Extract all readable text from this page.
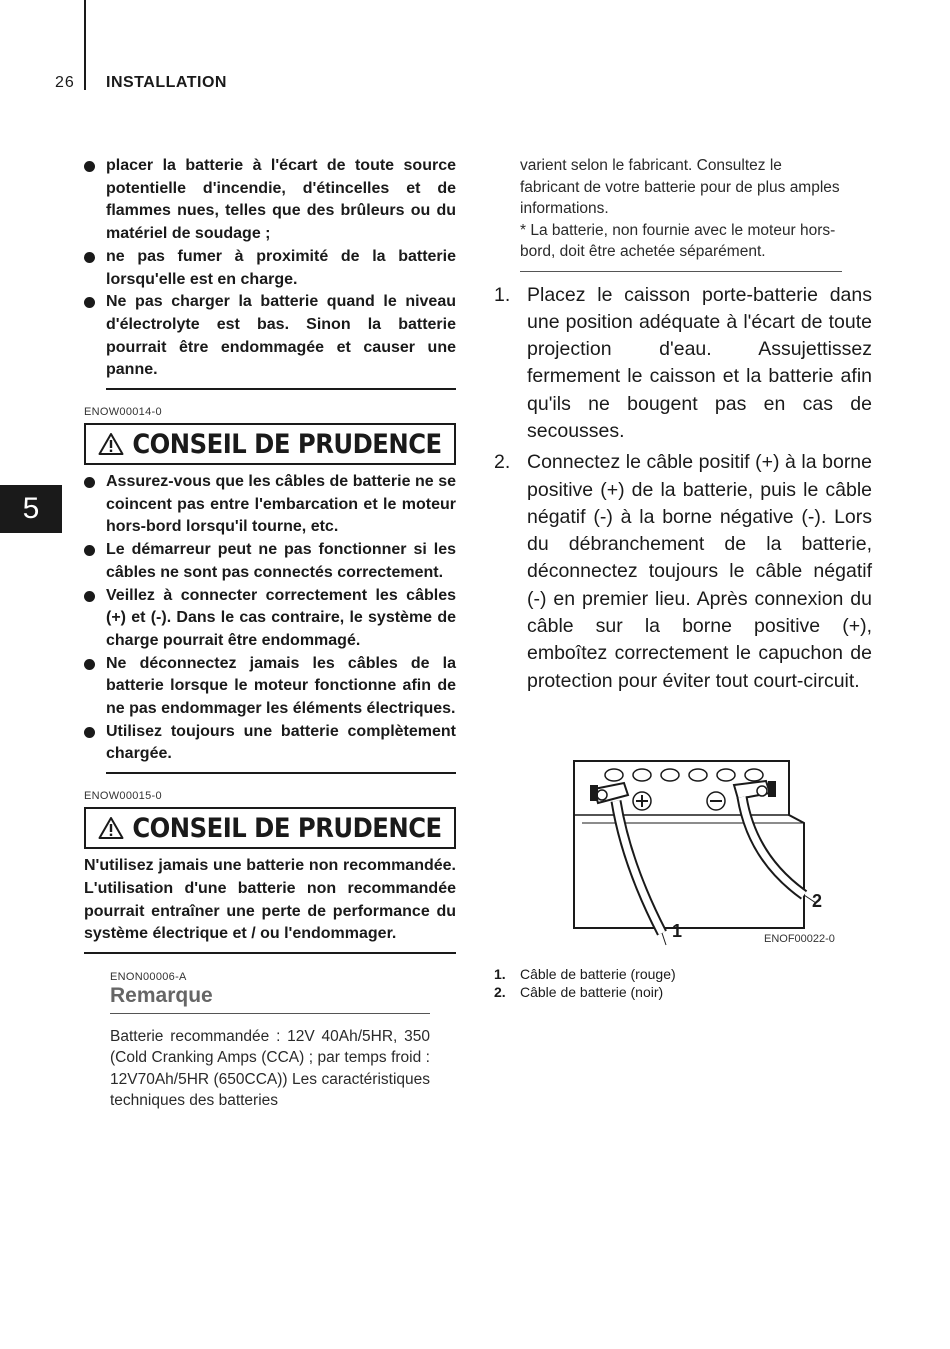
26 INSTALLATION
5
placer la batterie à l'écart de toute source potentielle d'incendie, d'étincelles et de flammes nues, telles que des brûleurs ou du matériel de soudage ;
ne pas fumer à proximité de la batterie lorsqu'elle est en charge.
Ne pas charger la batterie quand le niveau d'électrolyte est bas. Sinon la batterie pourrait être endommagée et causer une panne.
ENOW00014-0
CONSEIL DE PRUDENCE
Assurez-vous que les câbles de batterie ne se coincent pas entre l'embarcation et le moteur hors-bord lorsqu'il tourne, etc.
Le démarreur peut ne pas fonctionner si les câbles ne sont pas connectés correctement.
Veillez à connecter correctement les câbles (+) et (-). Dans le cas contraire, le système de charge pourrait être endommagé.
Ne déconnectez jamais les câbles de la batterie lorsque le moteur fonctionne afin de ne pas endommager les éléments électriques.
Utilisez toujours une batterie complètement chargée.
ENOW00015-0
CONSEIL DE PRUDENCE

N'utilisez jamais une batterie non recommandée. L'utilisation d'une batterie non recommandée pourrait entraîner une perte de performance du système électrique et / ou l'endommager.

ENON00006-A

Remarque

Batterie recommandée : 12V 40Ah/5HR, 350 (Cold Cranking Amps (CCA) ; par temps froid : 12V70Ah/5HR (650CCA)) Les caractéristiques techniques des batteries

varient selon le fabricant. Consultez le fabricant de votre batterie pour de plus amples informations.

* La batterie, non fournie avec le moteur hors-bord, doit être achetée séparément.

1. Placez le caisson porte-batterie dans une position adéquate à l'écart de toute projection d'eau. Assujettissez fermement le caisson et la batterie afin qu'ils ne bougent pas en cas de secousses.
2. Connectez le câble positif (+) à la borne positive (+) de la batterie, puis le câble négatif (-) à la borne négative (-). Lors du débranchement de la batterie, déconnectez toujours le câble négatif (-) en premier lieu. Après connexion du câble sur la borne positive (+), emboîtez correctement le capuchon de protection pour éviter tout court-circuit.
1
2
ENOF00022-0
1. Câble de batterie (rouge)
2. Câble de batterie (noir)
